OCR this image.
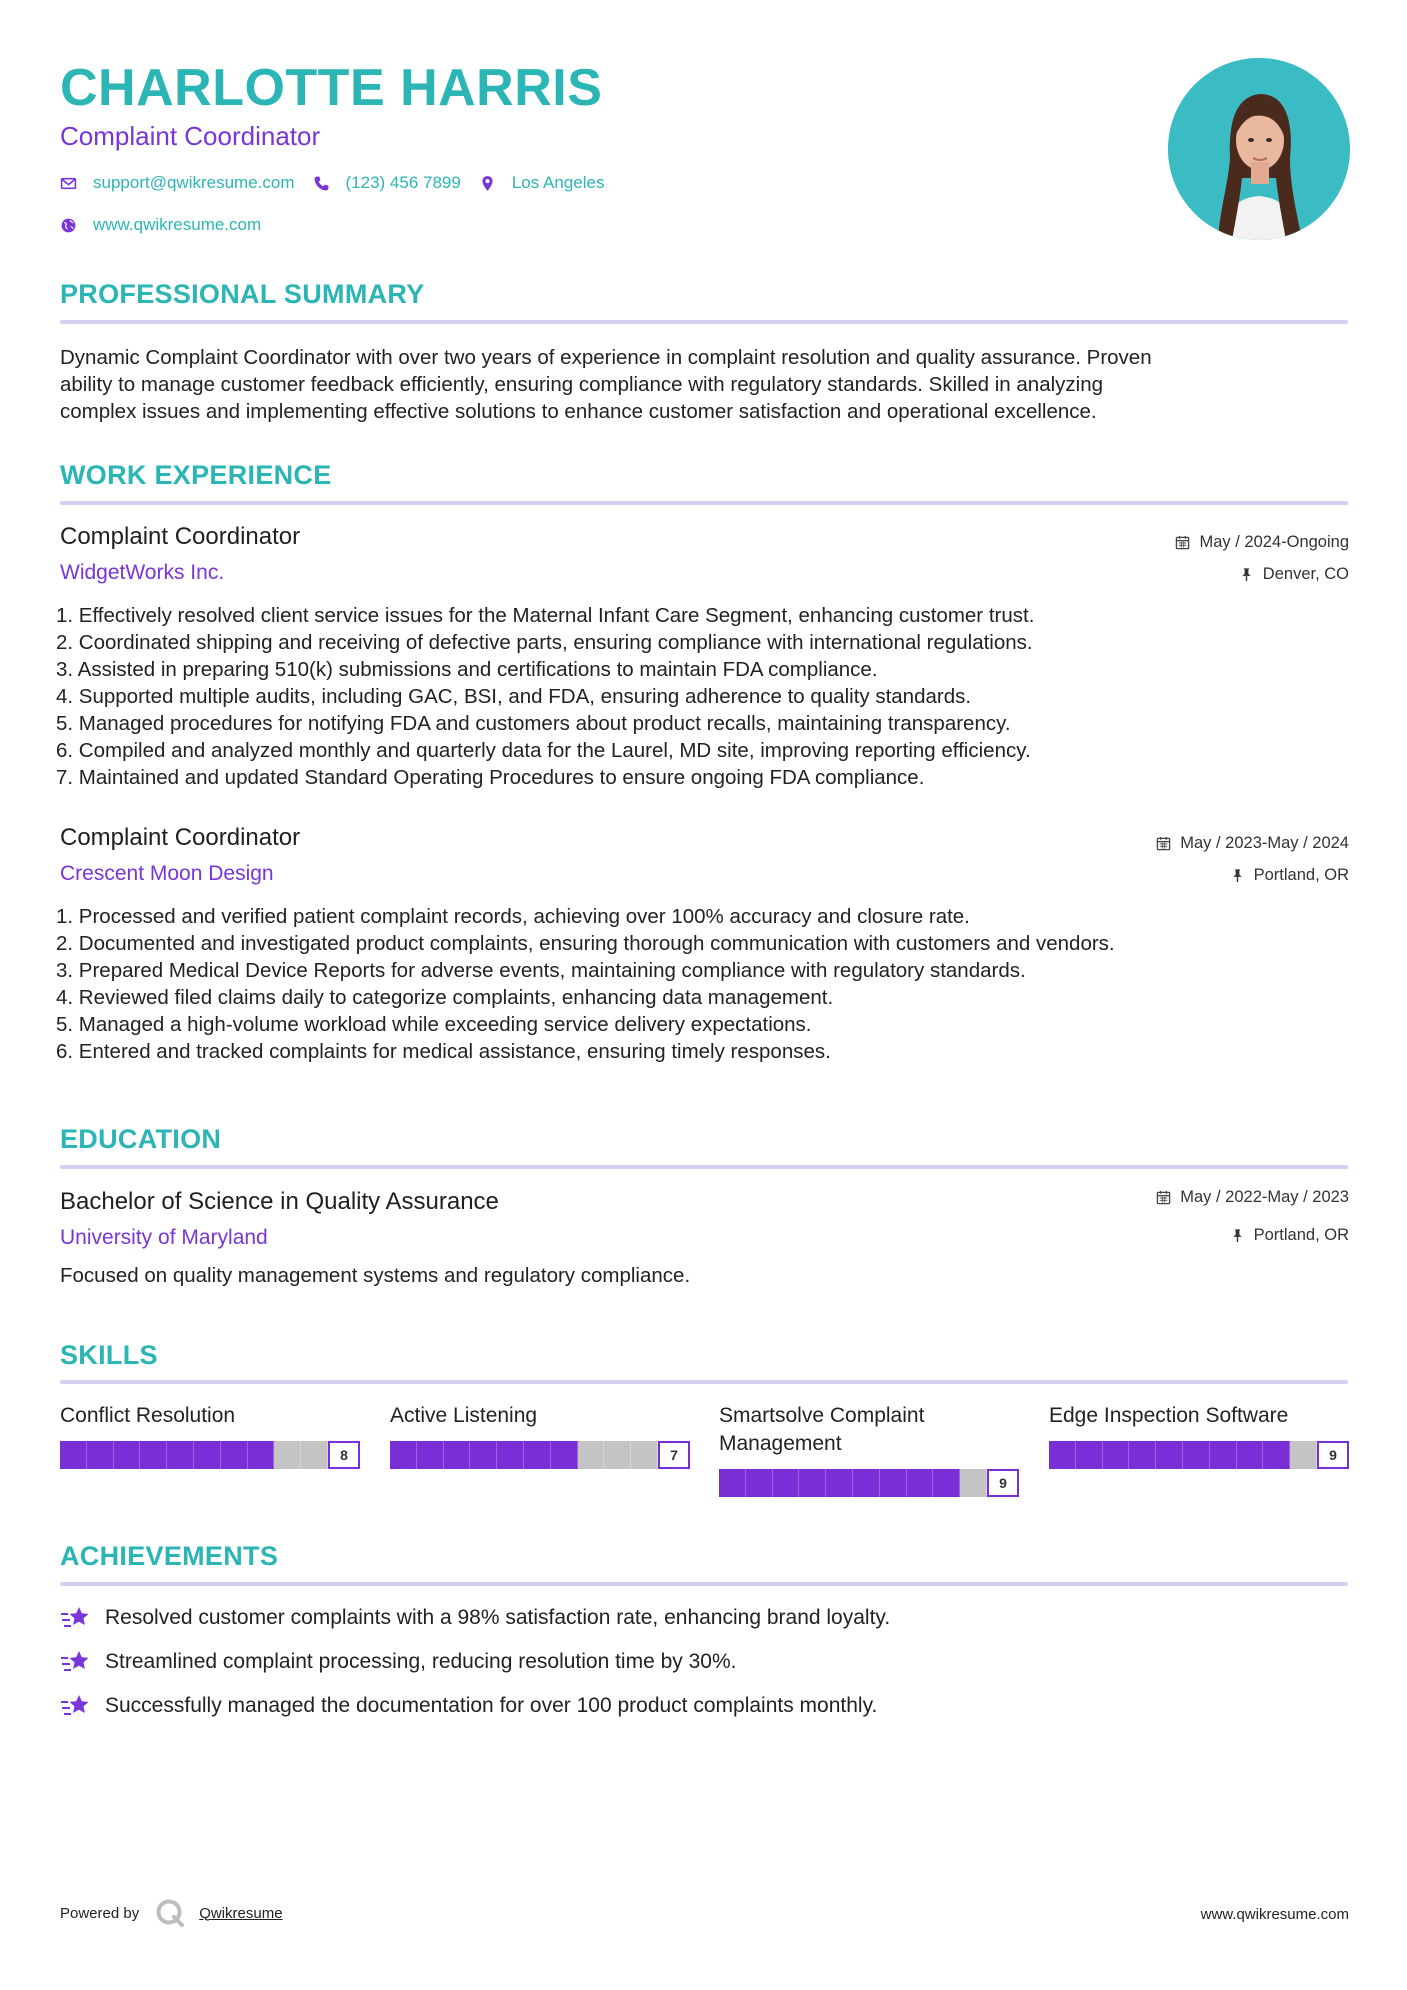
CHARLOTTE HARRIS
Complaint Coordinator
support@qwikresume.com	(123) 456 7899	Los Angeles
www.qwikresume.com
PROFESSIONAL SUMMARY
Dynamic Complaint Coordinator with over two years of experience in complaint resolution and quality assurance. Proven
ability to manage customer feedback efficiently, ensuring compliance with regulatory standards. Skilled in analyzing
complex issues and implementing effective solutions to enhance customer satisfaction and operational excellence.
WORK EXPERIENCE
Complaint Coordinator
WidgetWorks Inc.
May / 2024-Ongoing
Denver, CO
1. Effectively resolved client service issues for the Maternal Infant Care Segment, enhancing customer trust.
2. Coordinated shipping and receiving of defective parts, ensuring compliance with international regulations.
3. Assisted in preparing 510(k) submissions and certifications to maintain FDA compliance.
4. Supported multiple audits, including GAC, BSI, and FDA, ensuring adherence to quality standards.
5. Managed procedures for notifying FDA and customers about product recalls, maintaining transparency.
6. Compiled and analyzed monthly and quarterly data for the Laurel, MD site, improving reporting efficiency.
7. Maintained and updated Standard Operating Procedures to ensure ongoing FDA compliance.
Complaint Coordinator
Crescent Moon Design
May / 2023-May / 2024
Portland, OR
1. Processed and verified patient complaint records, achieving over 100% accuracy and closure rate.
2. Documented and investigated product complaints, ensuring thorough communication with customers and vendors.
3. Prepared Medical Device Reports for adverse events, maintaining compliance with regulatory standards.
4. Reviewed filed claims daily to categorize complaints, enhancing data management.
5. Managed a high-volume workload while exceeding service delivery expectations.
6. Entered and tracked complaints for medical assistance, ensuring timely responses.
EDUCATION
Bachelor of Science in Quality Assurance
University of Maryland
May / 2022-May / 2023
Portland, OR
Focused on quality management systems and regulatory compliance.
SKILLS
Conflict Resolution
8
Active Listening
7
Smartsolve Complaint Management
9
Edge Inspection Software
9
ACHIEVEMENTS
Resolved customer complaints with a 98% satisfaction rate, enhancing brand loyalty.
Streamlined complaint processing, reducing resolution time by 30%.
Successfully managed the documentation for over 100 product complaints monthly.
Powered by	Qwikresume	www.qwikresume.com
